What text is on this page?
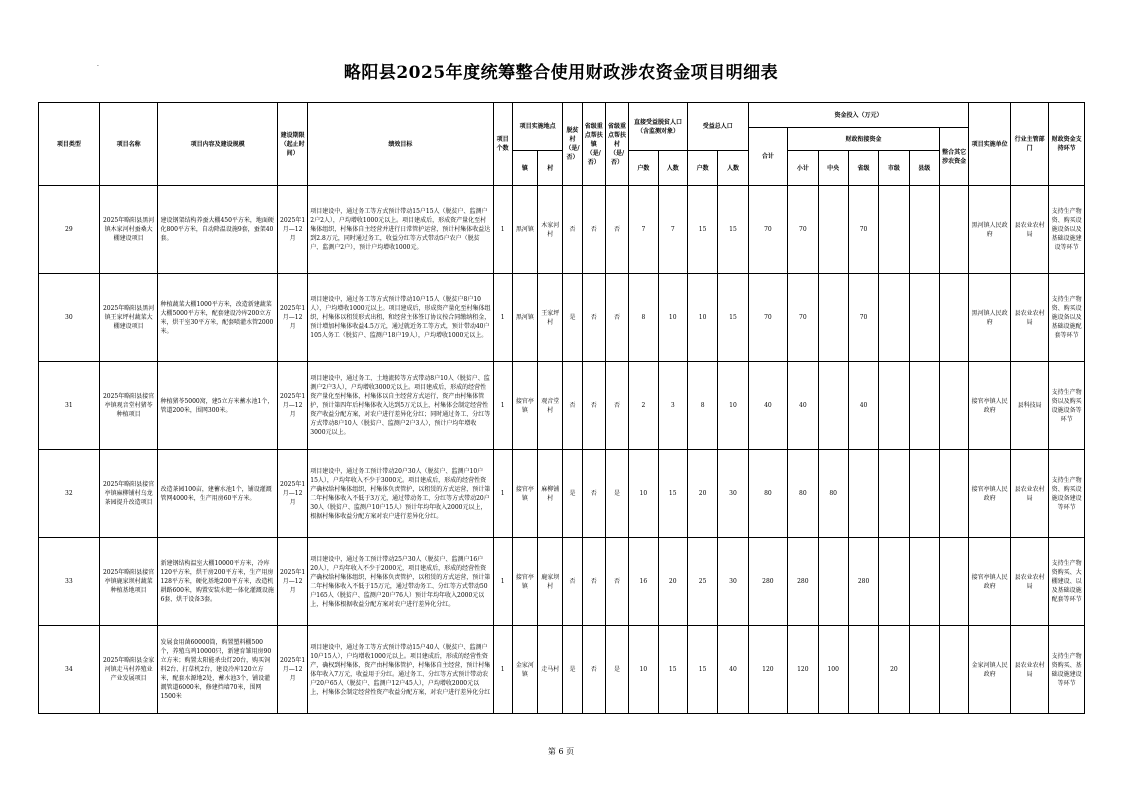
·	略阳县2025年度统筹整合使用财政涉农资金项目明细表
项目类型	项目名称	项目内容及建设规模	建设期限（起止时间）	绩效目标	项目个数	项目实施地点		脱贫村（是/否）	省级重点帮扶镇（是/否）	省级重点帮扶村（是/否）	直接受益脱贫人口（含监测对象）		受益总人口		资金投入（万元）							项目实施单位	行业主管部门	财政资金支持环节
															合计	财政衔接资金					整合其它涉农资金			
						镇	村				户数	人数	户数	人数		小计	中央	省级	市级	县级				
29	2025年略阳县黑河镇木家河村蚕桑大棚建设项目	建设钢架结构养蚕大棚450平方米，地面硬化800平方米，自动降温设施9套，蚕架40套。	2025年1月—12月	项目建设中，通过务工等方式预计带动15户15人（脱贫户、监测户2户2人），户均增收1000元以上。项目建成后，形成资产量化至村集体组织，村集体自主经营并进行日常管护运营，预计村集体收益达到2.8万元，同时通过务工，收益分红等方式带动5户农户（脱贫户、监测户2户），预计户均增收1000元。	1	黑河镇	木家河村	否	否	否	7	7	15	15	70	70		70				黑河镇人民政府	县农业农村局	支持生产物资、购买设施设备以及基础设施建设等环节
30	2025年略阳县黑河镇王家坪村蔬菜大棚建设项目	种植蔬菜大棚1000平方米，改造新建蔬菜大棚5000平方米，配套建设冷库200立方米，烘干室30平方米，配套喷灌水管2000米。	2025年1月—12月	项目建设中，通过务工等方式预计带动10户15人（脱贫户8户10人），户均增收1000元以上。项目建成后，形成资产量化至村集体组织，村集体以租赁形式出租，和经营主体签订协议按合同缴纳租金，预计增加村集体收益4.5万元，通过就近务工等方式，预计带动40户105人务工（脱贫户、监测户18户19人），户均增收1000元以上。	1	黑河镇	王家坪村	是	否	否	8	10	10	15	70	70		70				黑河镇人民政府	县农业农村局	支持生产物资、购买设施设备以及基础设施配套等环节
31	2025年略阳县接官亭镇观音堂村猪苓种植项目	种植猪苓5000窝，建5立方米蓄水池1个，管道200米，围网300米。	2025年1月—12月	项目建设中，通过务工、土地流转等方式带动8户10人（脱贫户、监测户2户3人），户均增收3000元以上。项目建成后，形成的经营性资产量化至村集体，村集体以自主经营方式运行，资产由村集体管护，预计第四年后村集体收入达到5万元以上，村集体会制定经营性资产收益分配方案，对农户进行差异化分红；同时通过务工、分红等方式带动8户10人（脱贫户、监测户2户3人），预计户均年增收3000元以上。	1	接官亭镇	观音堂村	否	否	否	2	3	8	10	40	40		40				接官亭镇人民政府	县科技局	支持生产物资以及购买设施设备等环节
32	2025年略阳县接官亭镇麻柳铺村乌龙茶园提升改造项目	改造茶园100亩，建蓄水池1个，铺设灌溉管网4000米，生产用房60平方米。	2025年1月—12月	项目建设中，通过务工预计带动20户30人（脱贫户、监测户10户15人），户均年收入不少于3000元。项目建成后，形成的经营性资产确权给村集体组织，村集体负责管护，以租赁的方式运营，预计第二年村集体收入不低于3万元，通过带动务工、分红等方式带动20户30人（脱贫户、监测户10户15人）预计年均年收入2000元以上，根据村集体收益分配方案对农户进行差异化分红。	1	接官亭镇	麻柳铺村	是	否	是	10	15	20	30	80	80	80					接官亭镇人民政府	县农业农村局	支持生产物资、购买设施设备建设等环节
33	2025年略阳县接官亭镇鹿家坝村蔬菜种植基地项目	新建钢结构温室大棚10000平方米，冷库120平方米，烘干房200平方米，生产用房128平方米，硬化基地200平方米，改造机耕路600米，购置安装水肥一体化灌溉设施6套、烘干设备3套。	2025年1月—12月	项目建设中，通过务工预计带动25户30人（脱贫户、监测户16户20人），户均年收入不少于2000元，项目建成后，形成的经营性资产确权给村集体组织，村集体负责管护，以租赁的方式运营，预计第二年村集体收入不低于15万元，通过带动务工、分红等方式带动50户165人（脱贫户、监测户20户76人）预计年均年收入2000元以上，村集体根据收益分配方案对农户进行差异化分红。	1	接官亭镇	鹿家坝村	否	否	否	16	20	25	30	280	280		280				接官亭镇人民政府	县农业农村局	支持生产物资购买、大棚建设、以及基础设施配套等环节
34	2025年略阳县金家河镇走马村养殖业产业发展项目	发展食用菌60000筒，购置塑料棚500个，养殖乌鸡10000只，新建育雏用房90立方米；购置太阳能杀虫灯20台，购买饲料2台、打草机2台，建设冷库120立方米，配套水源地2处，蓄水池3个，铺设灌溉管道6000米，修建挡墙70米，围网1500米	2025年1月—12月	项目建设中，通过务工等方式预计带动15户40人（脱贫户、监测户10户15人），户均增收1000元以上。项目建成后，形成的经营性资产，确权到村集体，资产由村集体管护，村集体自主经营，预计村集体年收入7万元，收益用于分红。通过务工、分红等方式预计带动农户20户65人（脱贫户、监测户12户45人），户均增收2000元以上，村集体会制定经营性资产收益分配方案，对农户进行差异化分红	1	金家河镇	走马村	是	否	是	10	15	15	40	120	120	100		20			金家河镇人民政府	县农业农村局	支持生产物资购买、基础设施建设等环节
第 6 页
